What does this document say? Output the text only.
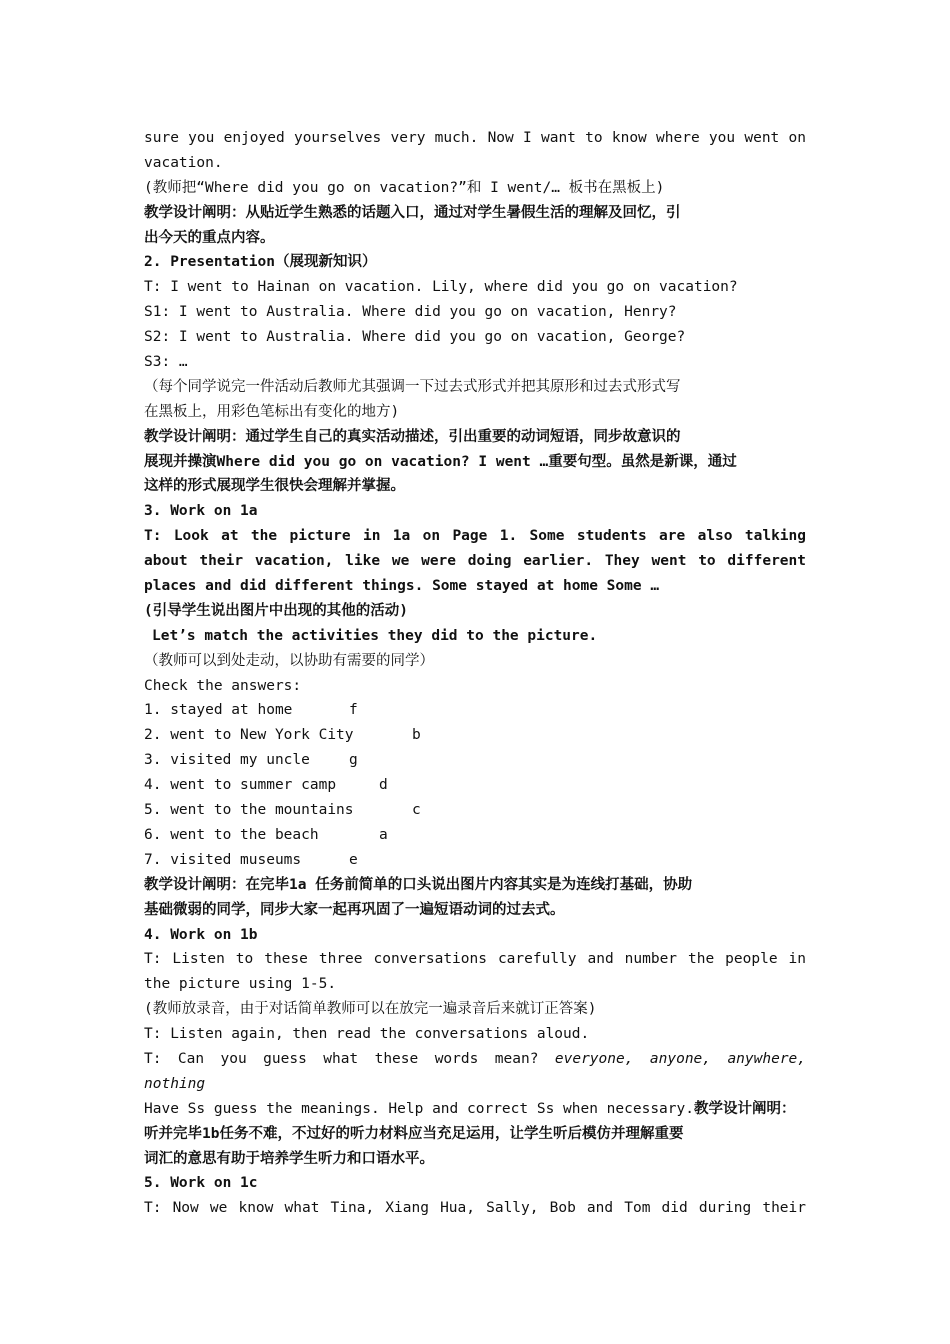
sure you enjoyed yourselves very much. Now I want to know where you went on
vacation.
(教师把“Where did you go on vacation?”和 I went/… 板书在黑板上)
教学设计阐明：从贴近学生熟悉的话题入口，通过对学生暑假生活的理解及回忆，引
出今天的重点内容。
2. Presentation（展现新知识）
T: I went to Hainan on vacation. Lily, where did you go on vacation?
S1: I went to Australia. Where did you go on vacation, Henry?
S2: I went to Australia. Where did you go on vacation, George?
S3: …
（每个同学说完一件活动后教师尤其强调一下过去式形式并把其原形和过去式形式写
在黑板上，用彩色笔标出有变化的地方)
教学设计阐明：通过学生自己的真实活动描述，引出重要的动词短语，同步故意识的
展现并操演Where did you go on vacation? I went …重要句型。虽然是新课，通过
这样的形式展现学生很快会理解并掌握。
3. Work on 1a
T: Look at the picture in 1a on Page 1. Some students are also talking
about their vacation, like we were doing earlier. They went to different
places and did different things. Some stayed at home Some …
(引导学生说出图片中出现的其他的活动)
Let’s match the activities they did to the picture.
（教师可以到处走动，以协助有需要的同学）
Check the answers:
1. stayed at home	f
2. went to New York City	b
3. visited my uncle	g
4. went to summer camp	d
5. went to the mountains	c
6. went to the beach	a
7. visited museums	e
教学设计阐明：在完毕1a 任务前简单的口头说出图片内容其实是为连线打基础，协助
基础微弱的同学，同步大家一起再巩固了一遍短语动词的过去式。
4. Work on 1b
T: Listen to these three conversations carefully and number the people in
the picture using 1-5.
(教师放录音，由于对话简单教师可以在放完一遍录音后来就订正答案)
T: Listen again, then read the conversations aloud.
T: Can you guess what these words mean? everyone, anyone, anywhere,
nothing
Have Ss guess the meanings. Help and correct Ss when necessary.教学设计阐明：
听并完毕1b任务不难，不过好的听力材料应当充足运用，让学生听后模仿并理解重要
词汇的意思有助于培养学生听力和口语水平。
5. Work on 1c
T: Now we know what Tina, Xiang Hua, Sally, Bob and Tom did during their
